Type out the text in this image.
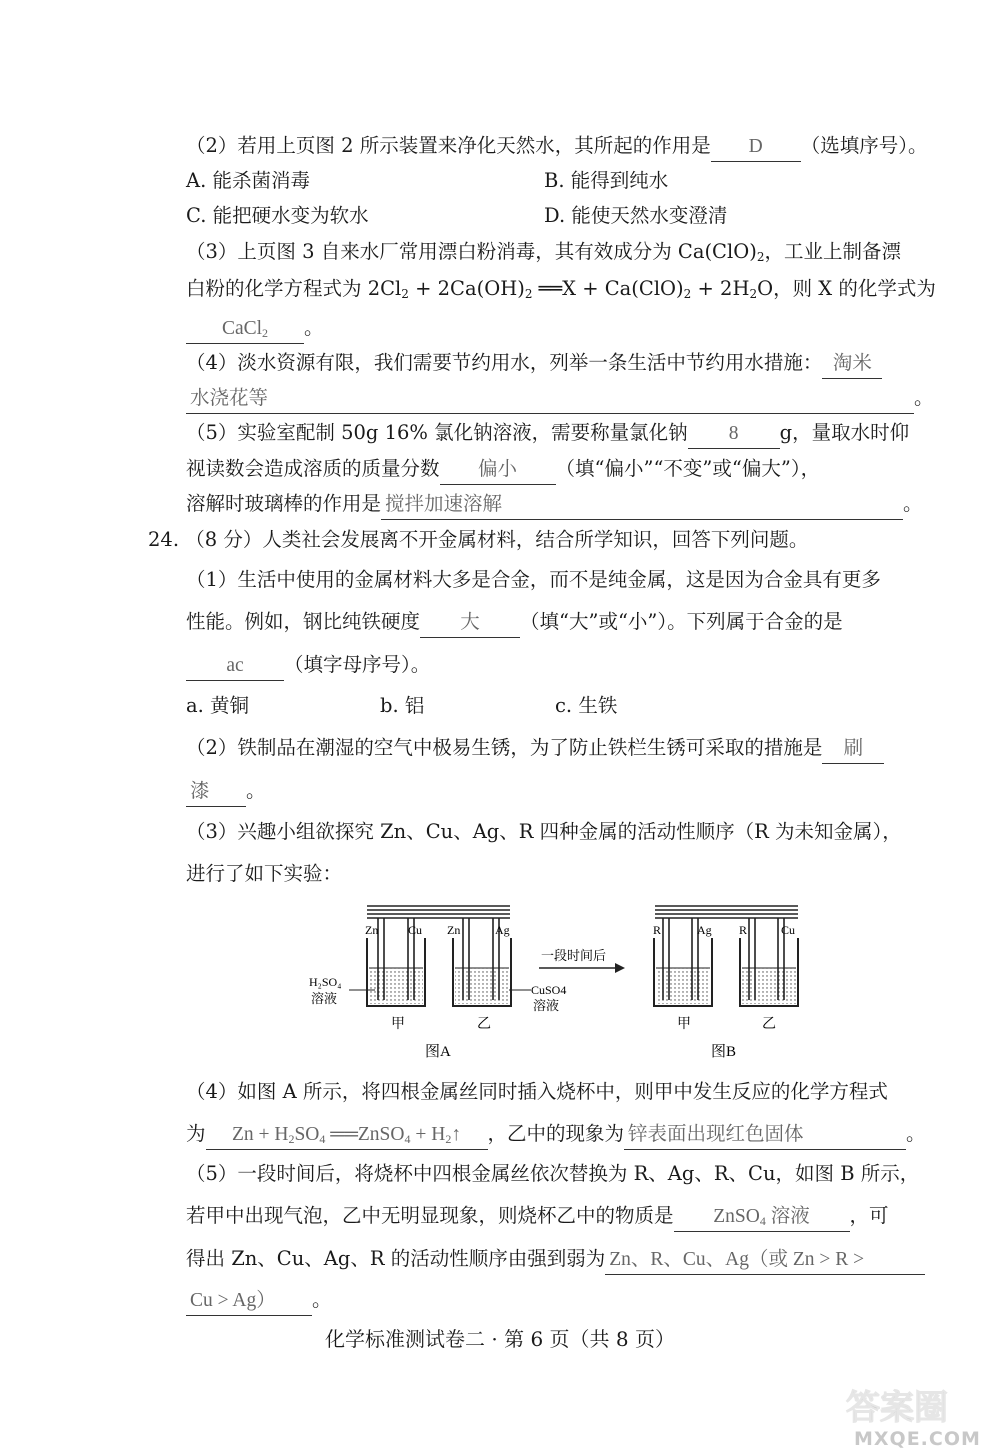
（2）若用上页图 2 所示装置来净化天然水，其所起的作用是 D （选填序号）。
A. 能杀菌消毒	B. 能得到纯水
C. 能把硬水变为软水	D. 能使天然水变澄清
（3）上页图 3 自来水厂常用漂白粉消毒，其有效成分为 $Ca(ClO)_2$，工业上制备漂
白粉的化学方程式为 $2Cl_2 + 2Ca(OH)_2$ ══X + $Ca(ClO)_2 + 2H_2O$，则 X 的化学式为
CaCl$_2$ 。
（4）淡水资源有限，我们需要节约用水，列举一条生活中节约用水措施： 淘米
水浇花等	。
（5）实验室配制 50g 16% 氯化钠溶液，需要称量氯化钠 8 g，量取水时仰
视读数会造成溶质的质量分数 偏小 （填“偏小”“不变”或“偏大”），
溶解时玻璃棒的作用是 搅拌加速溶解	。
24. （8 分）人类社会发展离不开金属材料，结合所学知识，回答下列问题。
（1）生活中使用的金属材料大多是合金，而不是纯金属，这是因为合金具有更多
性能。例如，钢比纯铁硬度 大 （填“大”或“小”）。下列属于合金的是
ac （填字母序号）。
a. 黄铜	b. 铝	c. 生铁
（2）铁制品在潮湿的空气中极易生锈，为了防止铁栏生锈可采取的措施是 刷
漆 。
（3）兴趣小组欲探究 Zn、Cu、Ag、R 四种金属的活动性顺序（R 为未知金属），
进行了如下实验：
Zn Cu
甲
Zn	Ag
乙
H₂SO₄
溶液
CuSO4
溶液
图A
一段时间后
R	Ag
甲
R	Cu
乙
图B
（4）如图 A 所示，将四根金属丝同时插入烧杯中，则甲中发生反应的化学方程式
为 $Zn + H_2SO_4$ ══ZnSO$_4$ + $H_2↑$ ，乙中的现象为 锌表面出现红色固体	。
（5）一段时间后，将烧杯中四根金属丝依次替换为 R、Ag、R、Cu，如图 B 所示，
若甲中出现气泡，乙中无明显现象，则烧杯乙中的物质是 ZnSO$_4$ 溶液 ，可
得出 Zn、Cu、Ag、R 的活动性顺序由强到弱为 Zn、R、Cu、Ag（或 Zn > R >
Cu > Ag） 。
化学标准测试卷二 · 第 6 页（共 8 页）
答案圈
MXQE.COM
